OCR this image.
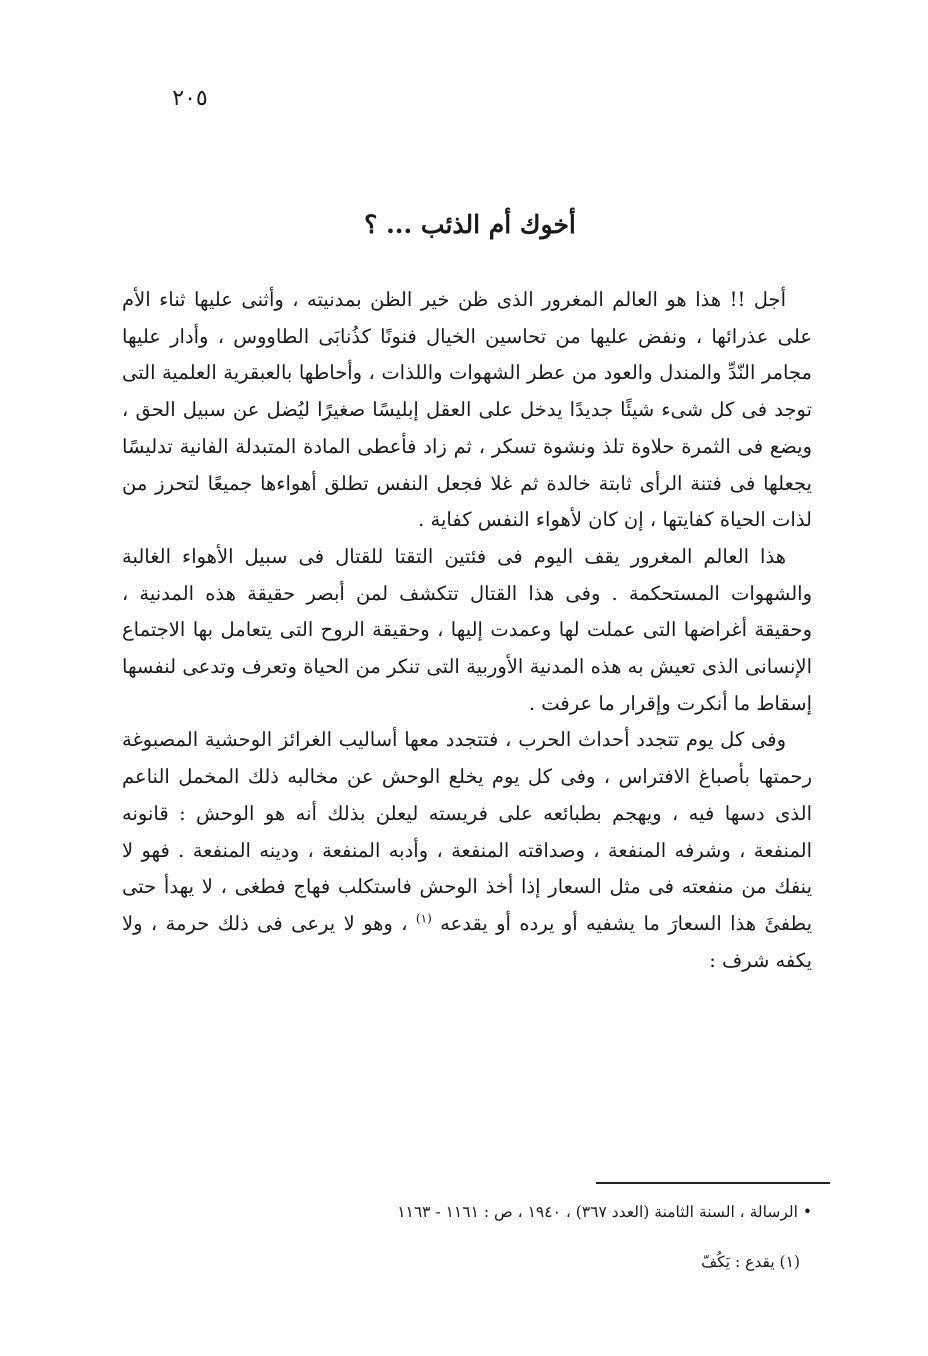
٢٠٥
أخوك أم الذئب ... ؟

أجل !! هذا هو العالم المغرور الذى ظن خير الظن بمدنيته ، وأثنى عليها ثناء الأم على عذرائها ، ونفض عليها من تحاسين الخيال فنونًا كذُنابَى الطاووس ، وأدار عليها مجامر النّدِّ والمندل والعود من عطر الشهوات واللذات ، وأحاطها بالعبقرية العلمية التى توجد فى كل شىء شيئًا جديدًا يدخل على العقل إبليسًا صغيرًا ليُضل عن سبيل الحق ، ويضع فى الثمرة حلاوة تلذ ونشوة تسكر ، ثم زاد فأعطى المادة المتبدلة الفانية تدليسًا يجعلها فى فتنة الرأى ثابتة خالدة ثم غلا فجعل النفس تطلق أهواءها جميعًا لتحرز من لذات الحياة كفايتها ، إن كان لأهواء النفس كفاية .

هذا العالم المغرور يقف اليوم فى فئتين التقتا للقتال فى سبيل الأهواء الغالبة والشهوات المستحكمة . وفى هذا القتال تتكشف لمن أبصر حقيقة هذه المدنية ، وحقيقة أغراضها التى عملت لها وعمدت إليها ، وحقيقة الروح التى يتعامل بها الاجتماع الإنسانى الذى تعيش به هذه المدنية الأوربية التى تنكر من الحياة وتعرف وتدعى لنفسها إسقاط ما أنكرت وإقرار ما عرفت .

وفى كل يوم تتجدد أحداث الحرب ، فتتجدد معها أساليب الغرائز الوحشية المصبوغة رحمتها بأصباغ الافتراس ، وفى كل يوم يخلع الوحش عن مخالبه ذلك المخمل الناعم الذى دسها فيه ، ويهجم بطبائعه على فريسته ليعلن بذلك أنه هو الوحش : قانونه المنفعة ، وشرفه المنفعة ، وصداقته المنفعة ، وأدبه المنفعة ، ودينه المنفعة . فهو لا ينفك من منفعته فى مثل السعار إذا أخذ الوحش فاستكلب فهاج فطغى ، لا يهدأ حتى يطفئَ هذا السعارَ ما يشفيه أو يرده أو يقدعه $^{(١)}$ ، وهو لا يرعى فى ذلك حرمة ، ولا يكفه شرف :

• الرسالة ، السنة الثامنة (العدد ٣٦٧) ، ١٩٤٠ ، ص : ١١٦١ - ١١٦٣

(١) يقدع : يَكُفّ
